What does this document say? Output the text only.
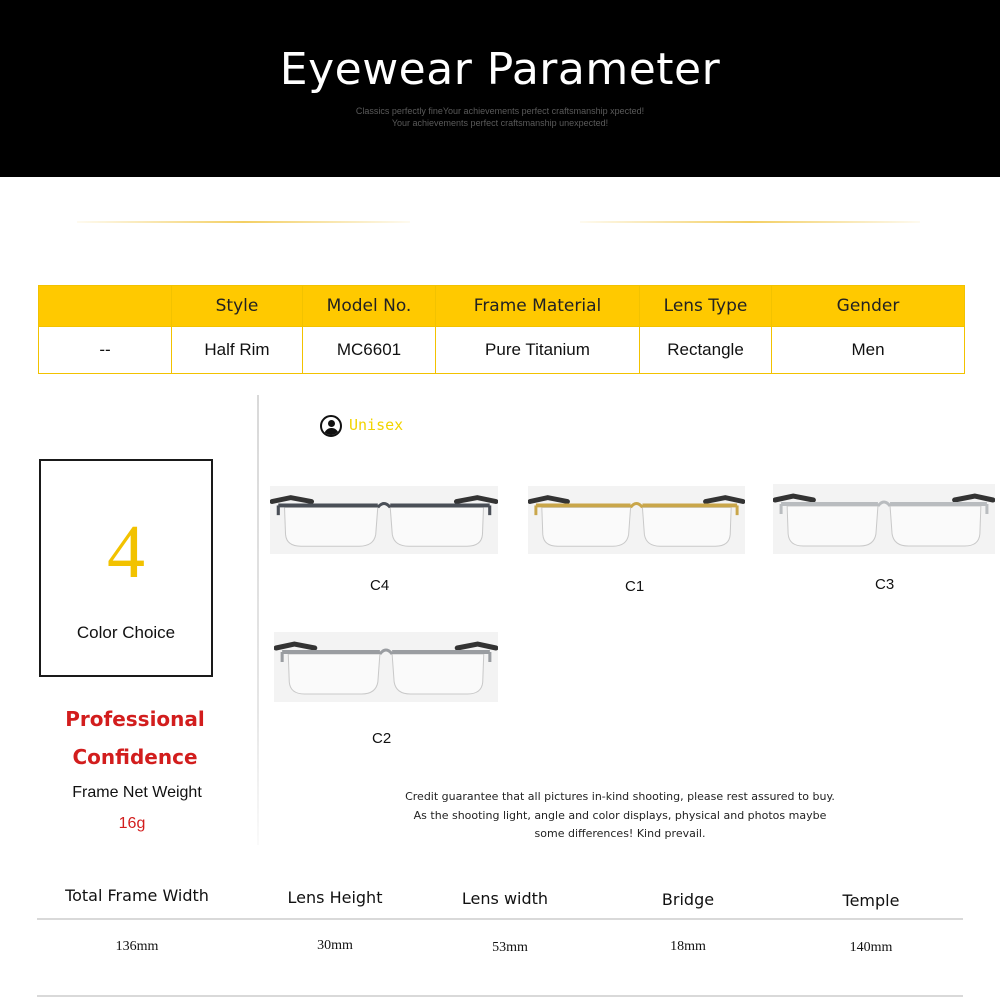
Eyewear Parameter
Classics perfectly fineYour achievements perfect craftsmanship xpected!
Your achievements perfect craftsmanship unexpected!
	Style	Model No.	Frame Material	Lens Type	Gender
--	Half Rim	MC6601	Pure Titanium	Rectangle	Men
4
Color Choice
Professional
Confidence
Frame Net Weight
16g
Unisex
C4	C1	C3
C2
Credit guarantee that all pictures in-kind shooting, please rest assured to buy.
As the shooting light, angle and color displays, physical and photos maybe
some differences! Kind prevail.
Total Frame Width	Lens Height	Lens width	Bridge	Temple
136mm	30mm	53mm	18mm	140mm
